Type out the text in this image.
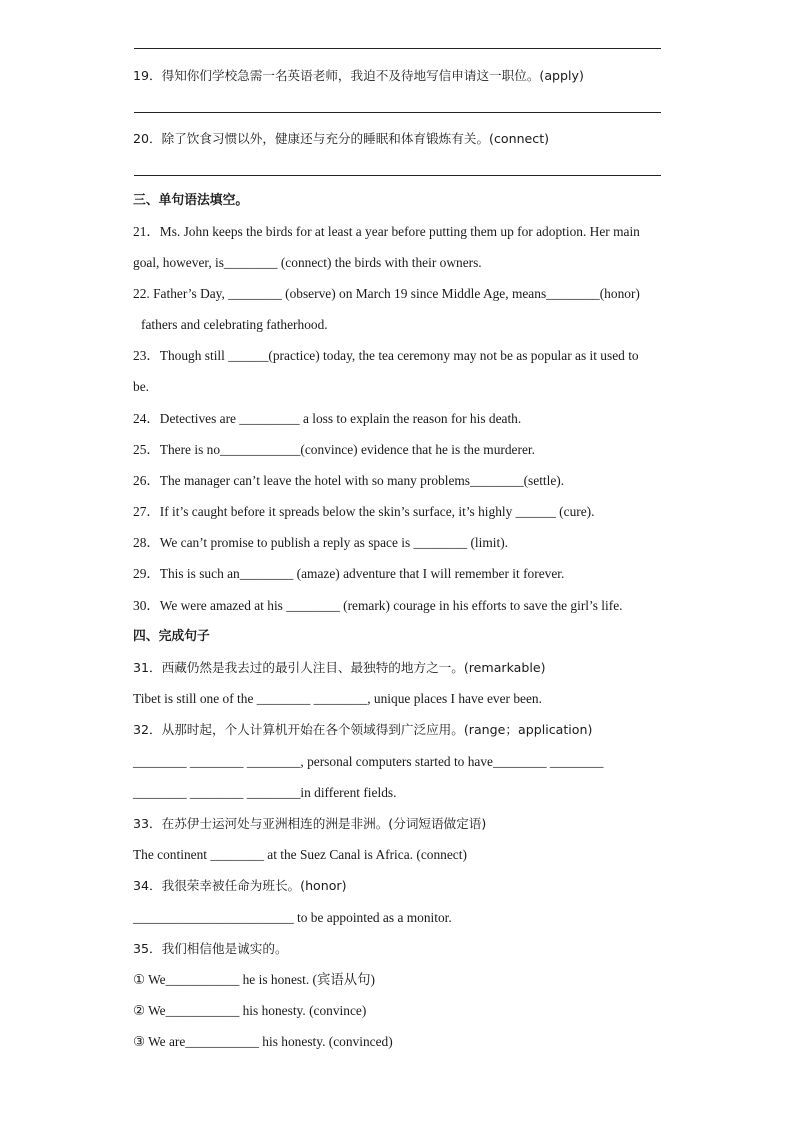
19．得知你们学校急需一名英语老师，我迫不及待地写信申请这一职位。(apply)
20．除了饮食习惯以外，健康还与充分的睡眠和体育锻炼有关。(connect)
三、单句语法填空。
21．Ms. John keeps the birds for at least a year before putting them up for adoption. Her main
goal, however, is________ (connect) the birds with their owners.
22. Father’s Day, ________ (observe) on March 19 since Middle Age, means________(honor)
fathers and celebrating fatherhood.
23．Though still ______(practice) today, the tea ceremony may not be as popular as it used to
be.
24．Detectives are _________ a loss to explain the reason for his death.
25．There is no____________(convince) evidence that he is the murderer.
26．The manager can’t leave the hotel with so many problems________(settle).
27．If it’s caught before it spreads below the skin’s surface, it’s highly ______ (cure).
28．We can’t promise to publish a reply as space is ________ (limit).
29．This is such an________ (amaze) adventure that I will remember it forever.
30．We were amazed at his ________ (remark) courage in his efforts to save the girl’s life.
四、完成句子
31．西藏仍然是我去过的最引人注目、最独特的地方之一。(remarkable)
Tibet is still one of the ________ ________, unique places I have ever been.
32．从那时起，个人计算机开始在各个领域得到广泛应用。(range；application)
________ ________ ________, personal computers started to have________ ________
________ ________ ________in different fields.
33．在苏伊士运河处与亚洲相连的洲是非洲。(分词短语做定语)
The continent ________ at the Suez Canal is Africa. (connect)
34．我很荣幸被任命为班长。(honor)
________________________ to be appointed as a monitor.
35．我们相信他是诚实的。
① We___________ he is honest. (宾语从句)
② We___________ his honesty. (convince)
③ We are___________ his honesty. (convinced)
